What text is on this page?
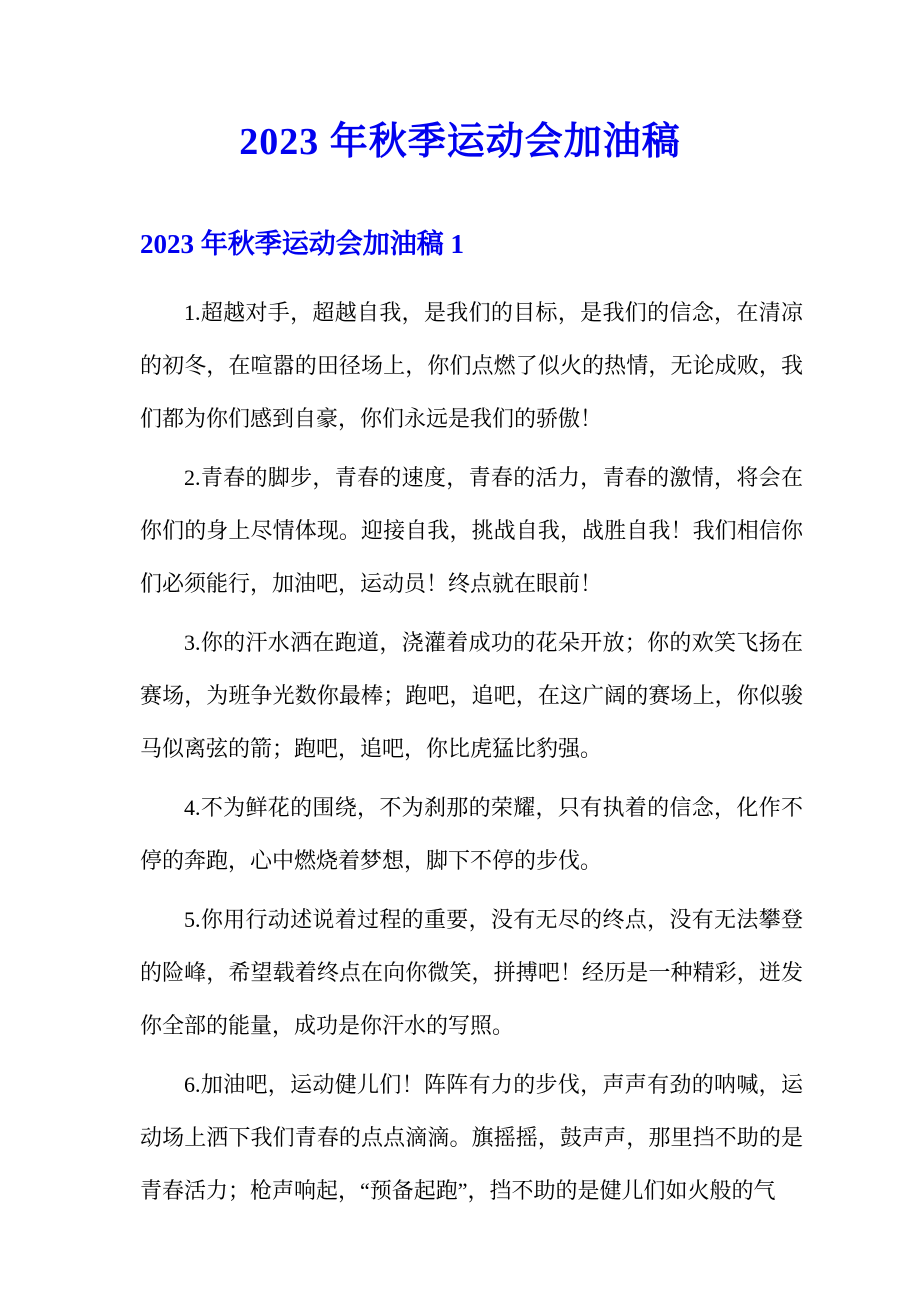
2023 年秋季运动会加油稿
2023 年秋季运动会加油稿 1

1.超越对手，超越自我，是我们的目标，是我们的信念，在清凉的初冬，在喧嚣的田径场上，你们点燃了似火的热情，无论成败，我们都为你们感到自豪，你们永远是我们的骄傲！

2.青春的脚步，青春的速度，青春的活力，青春的激情，将会在你们的身上尽情体现。迎接自我，挑战自我，战胜自我！我们相信你们必须能行，加油吧，运动员！终点就在眼前！

3.你的汗水洒在跑道，浇灌着成功的花朵开放；你的欢笑飞扬在赛场，为班争光数你最棒；跑吧，追吧，在这广阔的赛场上，你似骏马似离弦的箭；跑吧，追吧，你比虎猛比豹强。

4.不为鲜花的围绕，不为刹那的荣耀，只有执着的信念，化作不停的奔跑，心中燃烧着梦想，脚下不停的步伐。

5.你用行动述说着过程的重要，没有无尽的终点，没有无法攀登的险峰，希望载着终点在向你微笑，拼搏吧！经历是一种精彩，迸发你全部的能量，成功是你汗水的写照。

6.加油吧，运动健儿们！阵阵有力的步伐，声声有劲的呐喊，运动场上洒下我们青春的点点滴滴。旗摇摇，鼓声声，那里挡不助的是青春活力；枪声响起，“预备起跑”，挡不助的是健儿们如火般的气
